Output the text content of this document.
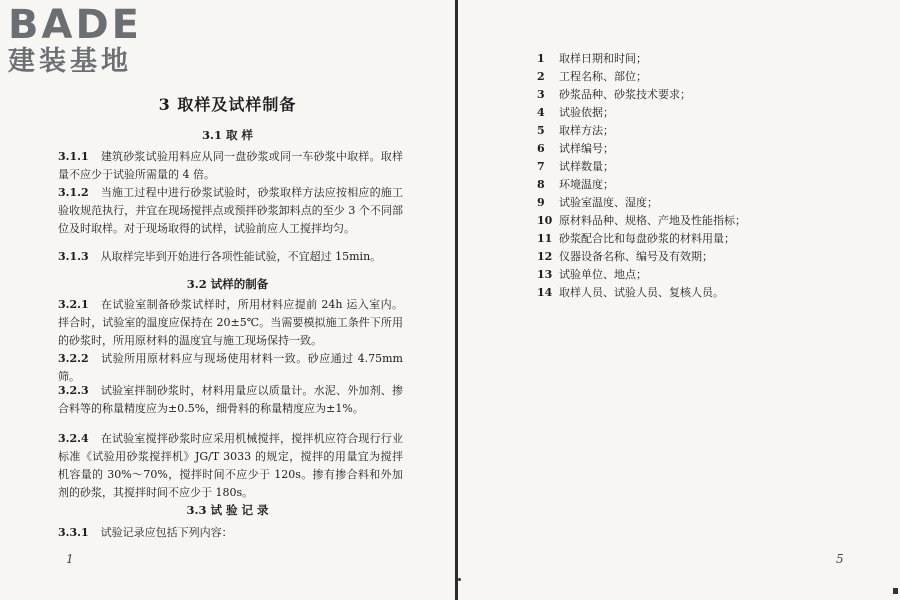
BADE
建装基地
3 取样及试样制备
3.1 取 样
3.1.1 建筑砂浆试验用料应从同一盘砂浆或同一车砂浆中取样。取样量不应少于试验所需量的 4 倍。
3.1.2 当施工过程中进行砂浆试验时，砂浆取样方法应按相应的施工验收规范执行，并宜在现场搅拌点或预拌砂浆卸料点的至少 3 个不同部位及时取样。对于现场取得的试样，试验前应人工搅拌均匀。
3.1.3 从取样完毕到开始进行各项性能试验，不宜超过 15min。
3.2 试样的制备
3.2.1 在试验室制备砂浆试样时，所用材料应提前 24h 运入室内。拌合时，试验室的温度应保持在 20±5℃。当需要模拟施工条件下所用的砂浆时，所用原材料的温度宜与施工现场保持一致。
3.2.2 试验所用原材料应与现场使用材料一致。砂应通过 4.75mm 筛。
3.2.3 试验室拌制砂浆时，材料用量应以质量计。水泥、外加剂、掺合料等的称量精度应为±0.5%，细骨料的称量精度应为±1%。
3.2.4 在试验室搅拌砂浆时应采用机械搅拌，搅拌机应符合现行行业标准《试验用砂浆搅拌机》JG/T 3033 的规定，搅拌的用量宜为搅拌机容量的 30%～70%，搅拌时间不应少于 120s。掺有掺合料和外加剂的砂浆，其搅拌时间不应少于 180s。
3.3 试 验 记 录
3.3.1 试验记录应包括下列内容：
1
1 取样日期和时间；
2 工程名称、部位；
3 砂浆品种、砂浆技术要求；
4 试验依据；
5 取样方法；
6 试样编号；
7 试样数量；
8 环境温度；
9 试验室温度、湿度；
10 原材料品种、规格、产地及性能指标；
11 砂浆配合比和每盘砂浆的材料用量；
12 仪器设备名称、编号及有效期；
13 试验单位、地点；
14 取样人员、试验人员、复核人员。
5
